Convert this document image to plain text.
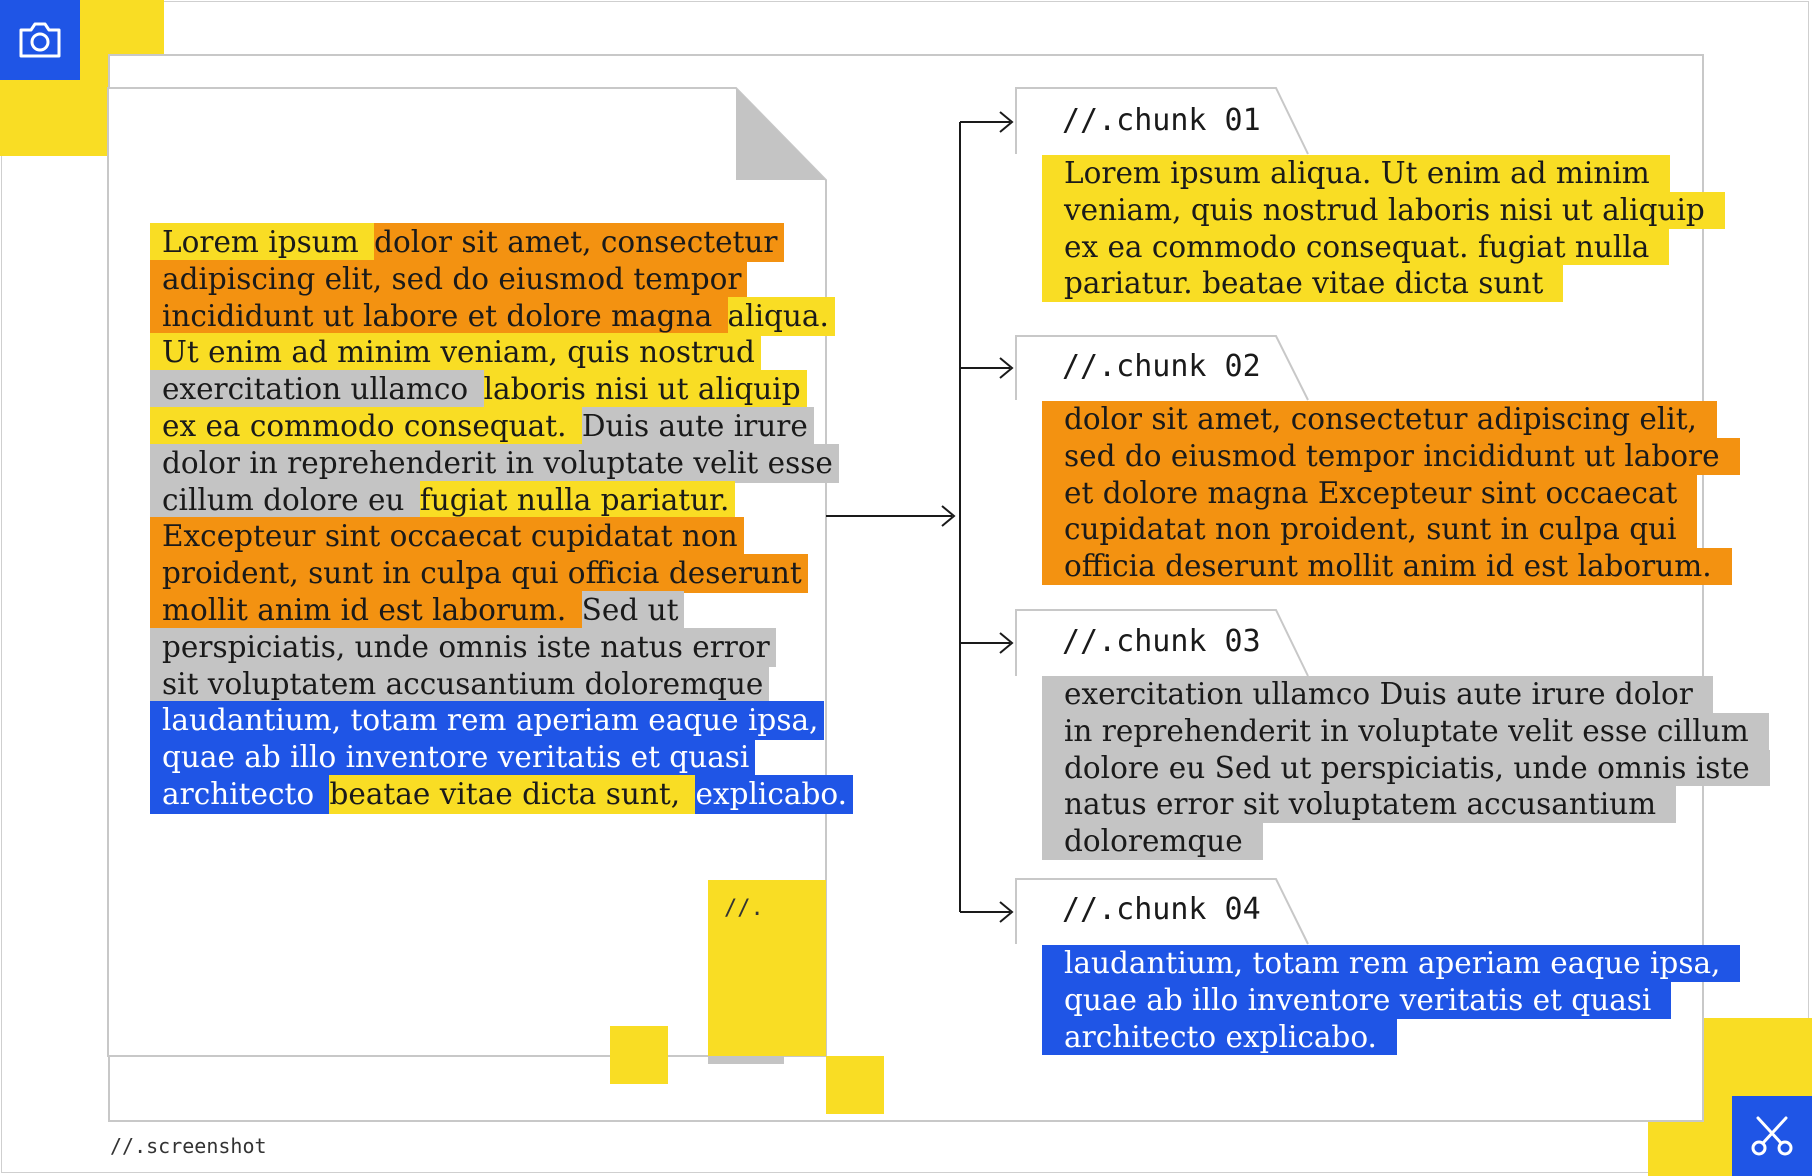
//.
Lorem ipsum dolor sit amet, consectetur
adipiscing elit, sed do eiusmod tempor
incididunt ut labore et dolore magna aliqua.
Ut enim ad minim veniam, quis nostrud
exercitation ullamco laboris nisi ut aliquip
ex ea commodo consequat. Duis aute irure
dolor in reprehenderit in voluptate velit esse
cillum dolore eu fugiat nulla pariatur.
Excepteur sint occaecat cupidatat non
proident, sunt in culpa qui officia deserunt
mollit anim id est laborum. Sed ut
perspiciatis, unde omnis iste natus error
sit voluptatem accusantium doloremque
laudantium, totam rem aperiam eaque ipsa,
quae ab illo inventore veritatis et quasi
architecto beatae vitae dicta sunt, explicabo.
//.chunk 01
//.chunk 02
//.chunk 03
//.chunk 04
Lorem ipsum aliqua. Ut enim ad minim
veniam, quis nostrud laboris nisi ut aliquip
ex ea commodo consequat. fugiat nulla
pariatur. beatae vitae dicta sunt
dolor sit amet, consectetur adipiscing elit,
sed do eiusmod tempor incididunt ut labore
et dolore magna Excepteur sint occaecat
cupidatat non proident, sunt in culpa qui
officia deserunt mollit anim id est laborum.
exercitation ullamco Duis aute irure dolor
in reprehenderit in voluptate velit esse cillum
dolore eu Sed ut perspiciatis, unde omnis iste
natus error sit voluptatem accusantium
doloremque
laudantium, totam rem aperiam eaque ipsa,
quae ab illo inventore veritatis et quasi
architecto explicabo.
//.screenshot
